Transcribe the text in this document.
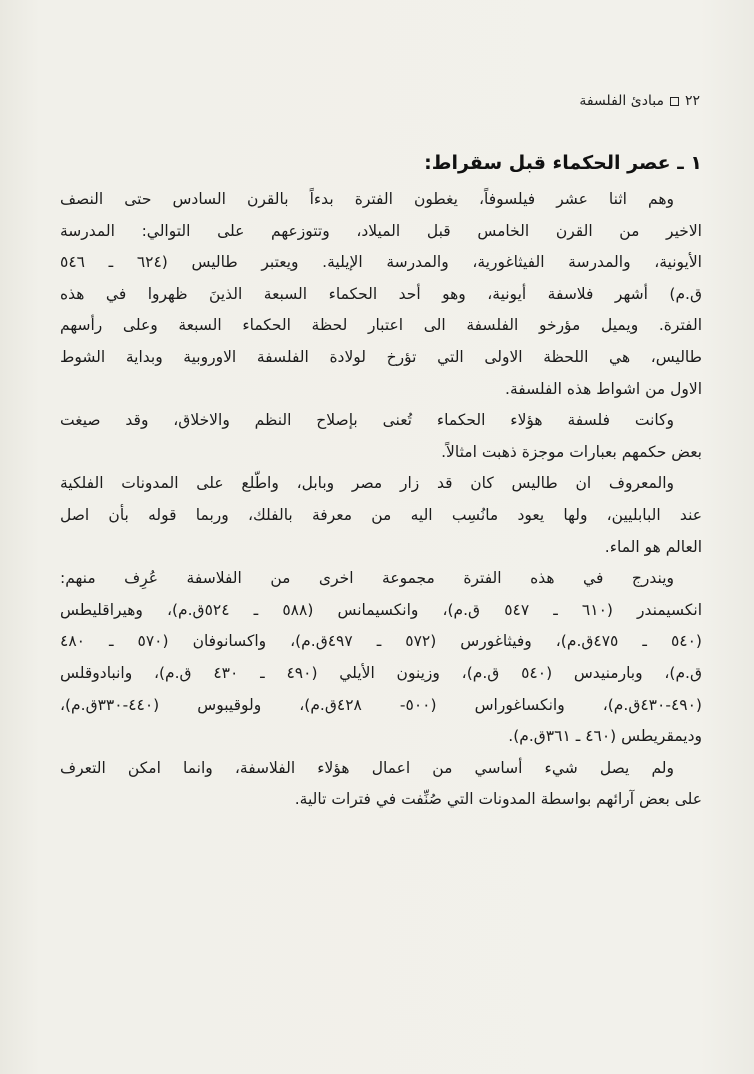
٢٢
مبادئ الفلسفة
١ ـ عصر الحكماء قبل سقراط:
وهم اثنا عشر فيلسوفاً، يغطون الفترة بدءاً بالقرن السادس حتى النصف
الاخير من القرن الخامس قبل الميلاد، وتتوزعهم على التوالي: المدرسة
الأيونية، والمدرسة الفيثاغورية، والمدرسة الإيلية. ويعتبر طاليس (٦٢٤ ـ ٥٤٦
ق.م) أشهر فلاسفة أيونية، وهو أحد الحكماء السبعة الذينَ ظهروا في هذه
الفترة. ويميل مؤرخو الفلسفة الى اعتبار لحظة الحكماء السبعة وعلى رأسهم
طاليس، هي اللحظة الاولى التي تؤرخ لولادة الفلسفة الاوروبية وبداية الشوط
الاول من اشواط هذه الفلسفة.
وكانت فلسفة هؤلاء الحكماء تُعنى بإصلاح النظم والاخلاق، وقد صيغت
بعض حكمهم بعبارات موجزة ذهبت امثالاً.
والمعروف ان طاليس كان قد زار مصر وبابل، واطّلع على المدونات الفلكية
عند البابليين، ولها يعود مانُسِب اليه من معرفة بالفلك، وربما قوله بأن اصل
العالم هو الماء.
ويندرج في هذه الفترة مجموعة اخرى من الفلاسفة عُرِف منهم:
انكسيمندر (٦١٠ ـ ٥٤٧ ق.م)، وانكسيمانس (٥٨٨ ـ ٥٢٤ق.م)، وهيراقليطس
(٥٤٠ ـ ٤٧٥ق.م)، وفيثاغورس (٥٧٢ ـ ٤٩٧ق.م)، واكسانوفان (٥٧٠ ـ ٤٨٠
ق.م)، وبارمنيدس (٥٤٠ ق.م)، وزينون الأيلي (٤٩٠ ـ ٤٣٠ ق.م)، وانبادوقلس
(٤٩٠-٤٣٠ق.م)، وانكساغوراس (٥٠٠- ٤٢٨ق.م)، ولوقيبوس (٤٤٠-٣٣٠ق.م)،
وديمقريطس (٤٦٠ ـ ٣٦١ق.م).
ولم يصل شيء أساسي من اعمال هؤلاء الفلاسفة، وانما امكن التعرف
على بعض آرائهم بواسطة المدونات التي صُنِّفت في فترات تالية.
